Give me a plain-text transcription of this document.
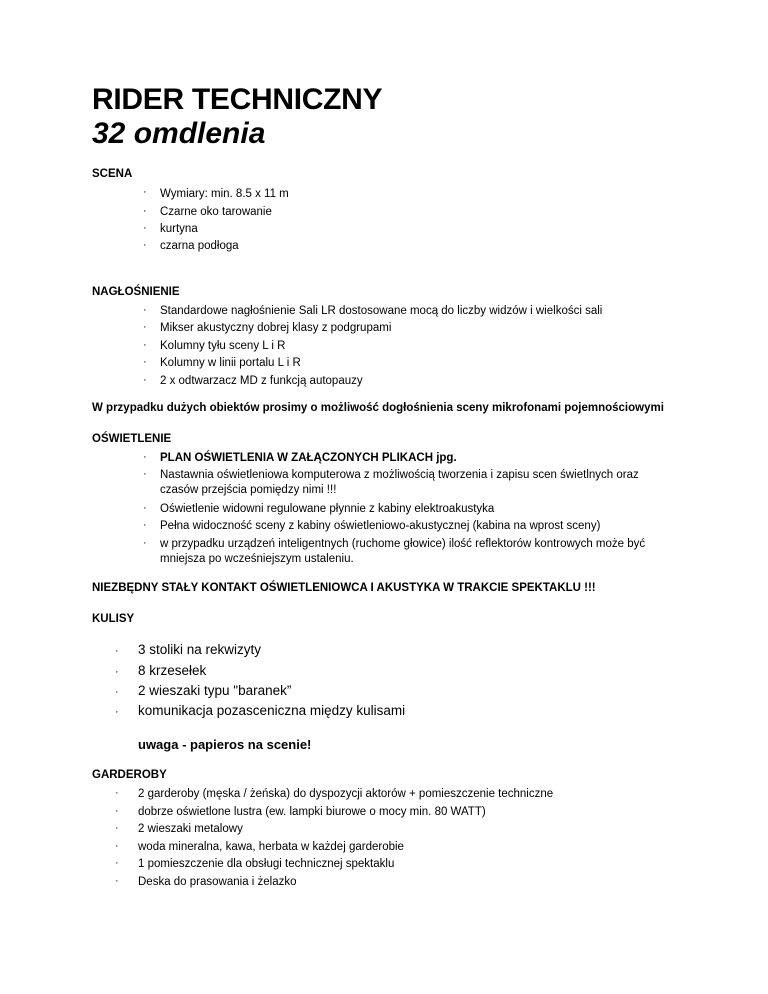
RIDER TECHNICZNY
32 omdlenia
SCENA
· Wymiary: min. 8.5 x 11 m
· Czarne oko tarowanie
· kurtyna
· czarna podłoga
NAGŁOŚNIENIE
· Standardowe nagłośnienie Sali LR dostosowane mocą do liczby widzów i wielkości sali
· Mikser akustyczny dobrej klasy z podgrupami
· Kolumny tyłu sceny L i R
· Kolumny w linii portalu L i R
· 2 x odtwarzacz MD z funkcją autopauzy
W przypadku dużych obiektów prosimy o możliwość dogłośnienia sceny mikrofonami pojemnościowymi
OŚWIETLENIE
· PLAN OŚWIETLENIA W ZAŁĄCZONYCH PLIKACH jpg.
· Nastawnia oświetleniowa komputerowa z możliwością tworzenia i zapisu scen świetlnych oraz
czasów przejścia pomiędzy nimi !!!
· Oświetlenie widowni regulowane płynnie z kabiny elektroakustyka
· Pełna widoczność sceny z kabiny oświetleniowo-akustycznej (kabina na wprost sceny)
· w przypadku urządzeń inteligentnych (ruchome głowice) ilość reflektorów kontrowych może być
mniejsza po wcześniejszym ustaleniu.
NIEZBĘDNY STAŁY KONTAKT OŚWIETLENIOWCA I AKUSTYKA W TRAKCIE SPEKTAKLU !!!
KULISY
· 3 stoliki na rekwizyty
· 8 krzesełek
· 2 wieszaki typu "baranek”
· komunikacja pozasceniczna między kulisami
uwaga - papieros na scenie!
GARDEROBY
· 2 garderoby (męska / żeńska) do dyspozycji aktorów + pomieszczenie techniczne
· dobrze oświetlone lustra (ew. lampki biurowe o mocy min. 80 WATT)
· 2 wieszaki metalowy
· woda mineralna, kawa, herbata w każdej garderobie
· 1 pomieszczenie dla obsługi technicznej spektaklu
· Deska do prasowania i żelazko
